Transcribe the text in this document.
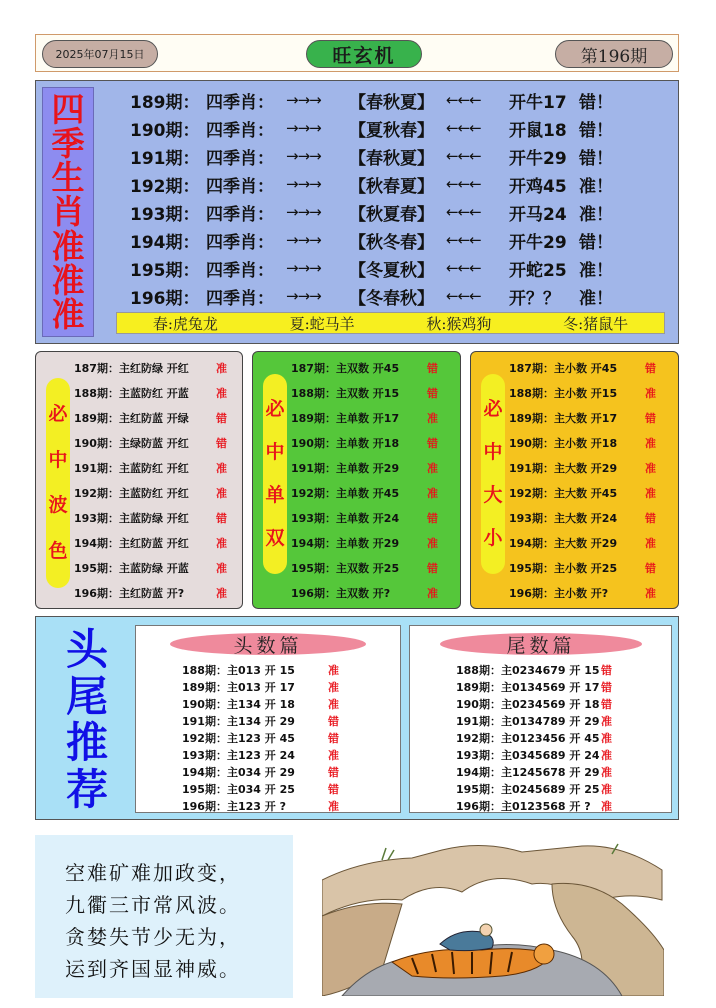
2025年07月15日	旺玄机	第196期
四
季
生
肖
准
准
准
189期： 四季肖： →→→	【春秋夏】 ←←←	开牛17 错！
190期： 四季肖： →→→	【夏秋春】 ←←←	开鼠18 错！
191期： 四季肖： →→→	【春秋夏】 ←←←	开牛29 错！
192期： 四季肖： →→→	【秋春夏】 ←←←	开鸡45 准！
193期： 四季肖： →→→	【秋夏春】 ←←←	开马24 准！
194期： 四季肖： →→→	【秋冬春】 ←←←	开牛29 错！
195期： 四季肖： →→→	【冬夏秋】 ←←←	开蛇25 准！
196期： 四季肖： →→→	【冬春秋】 ←←←	开？？	准！
春:虎兔龙	夏:蛇马羊	秋:猴鸡狗	冬:猪鼠牛
必
中
波
色
187期：主红防绿 开红	准
188期：主蓝防红 开蓝	准
189期：主红防蓝 开绿	错
190期：主绿防蓝 开红	错
191期：主蓝防红 开红	准
192期：主蓝防红 开红	准
193期：主蓝防绿 开红	错
194期：主红防蓝 开红	准
195期：主蓝防绿 开蓝	准
196期：主红防蓝 开?	准
必
中
单
双
187期：主双数 开45	错
188期：主双数 开15	错
189期：主单数 开17	准
190期：主单数 开18	错
191期：主单数 开29	准
192期：主单数 开45	准
193期：主单数 开24	错
194期：主单数 开29	准
195期：主双数 开25	错
196期：主双数 开?	准
必
中
大
小
187期：主小数 开45	错
188期：主小数 开15	准
189期：主大数 开17	错
190期：主小数 开18	准
191期：主大数 开29	准
192期：主大数 开45	准
193期：主大数 开24	错
194期：主大数 开29	准
195期：主小数 开25	错
196期：主小数 开?	准
头
尾
推
荐
头数篇
188期：主013 开 15	准
189期：主013 开 17	准
190期：主134 开 18	准
191期：主134 开 29	错
192期：主123 开 45	错
193期：主123 开 24	准
194期：主034 开 29	错
195期：主034 开 25	错
196期：主123 开 ?	准
尾数篇
188期：主0234679 开 15 错
189期：主0134569 开 17 错
190期：主0234569 开 18 错
191期：主0134789 开 29 准
192期：主0123456 开 45 准
193期：主0345689 开 24 准
194期：主1245678 开 29 准
195期：主0245689 开 25 准
196期：主0123568 开 ? 准
空难矿难加政变，
九衢三市常风波。
贪婪失节少无为，
运到齐国显神威。
